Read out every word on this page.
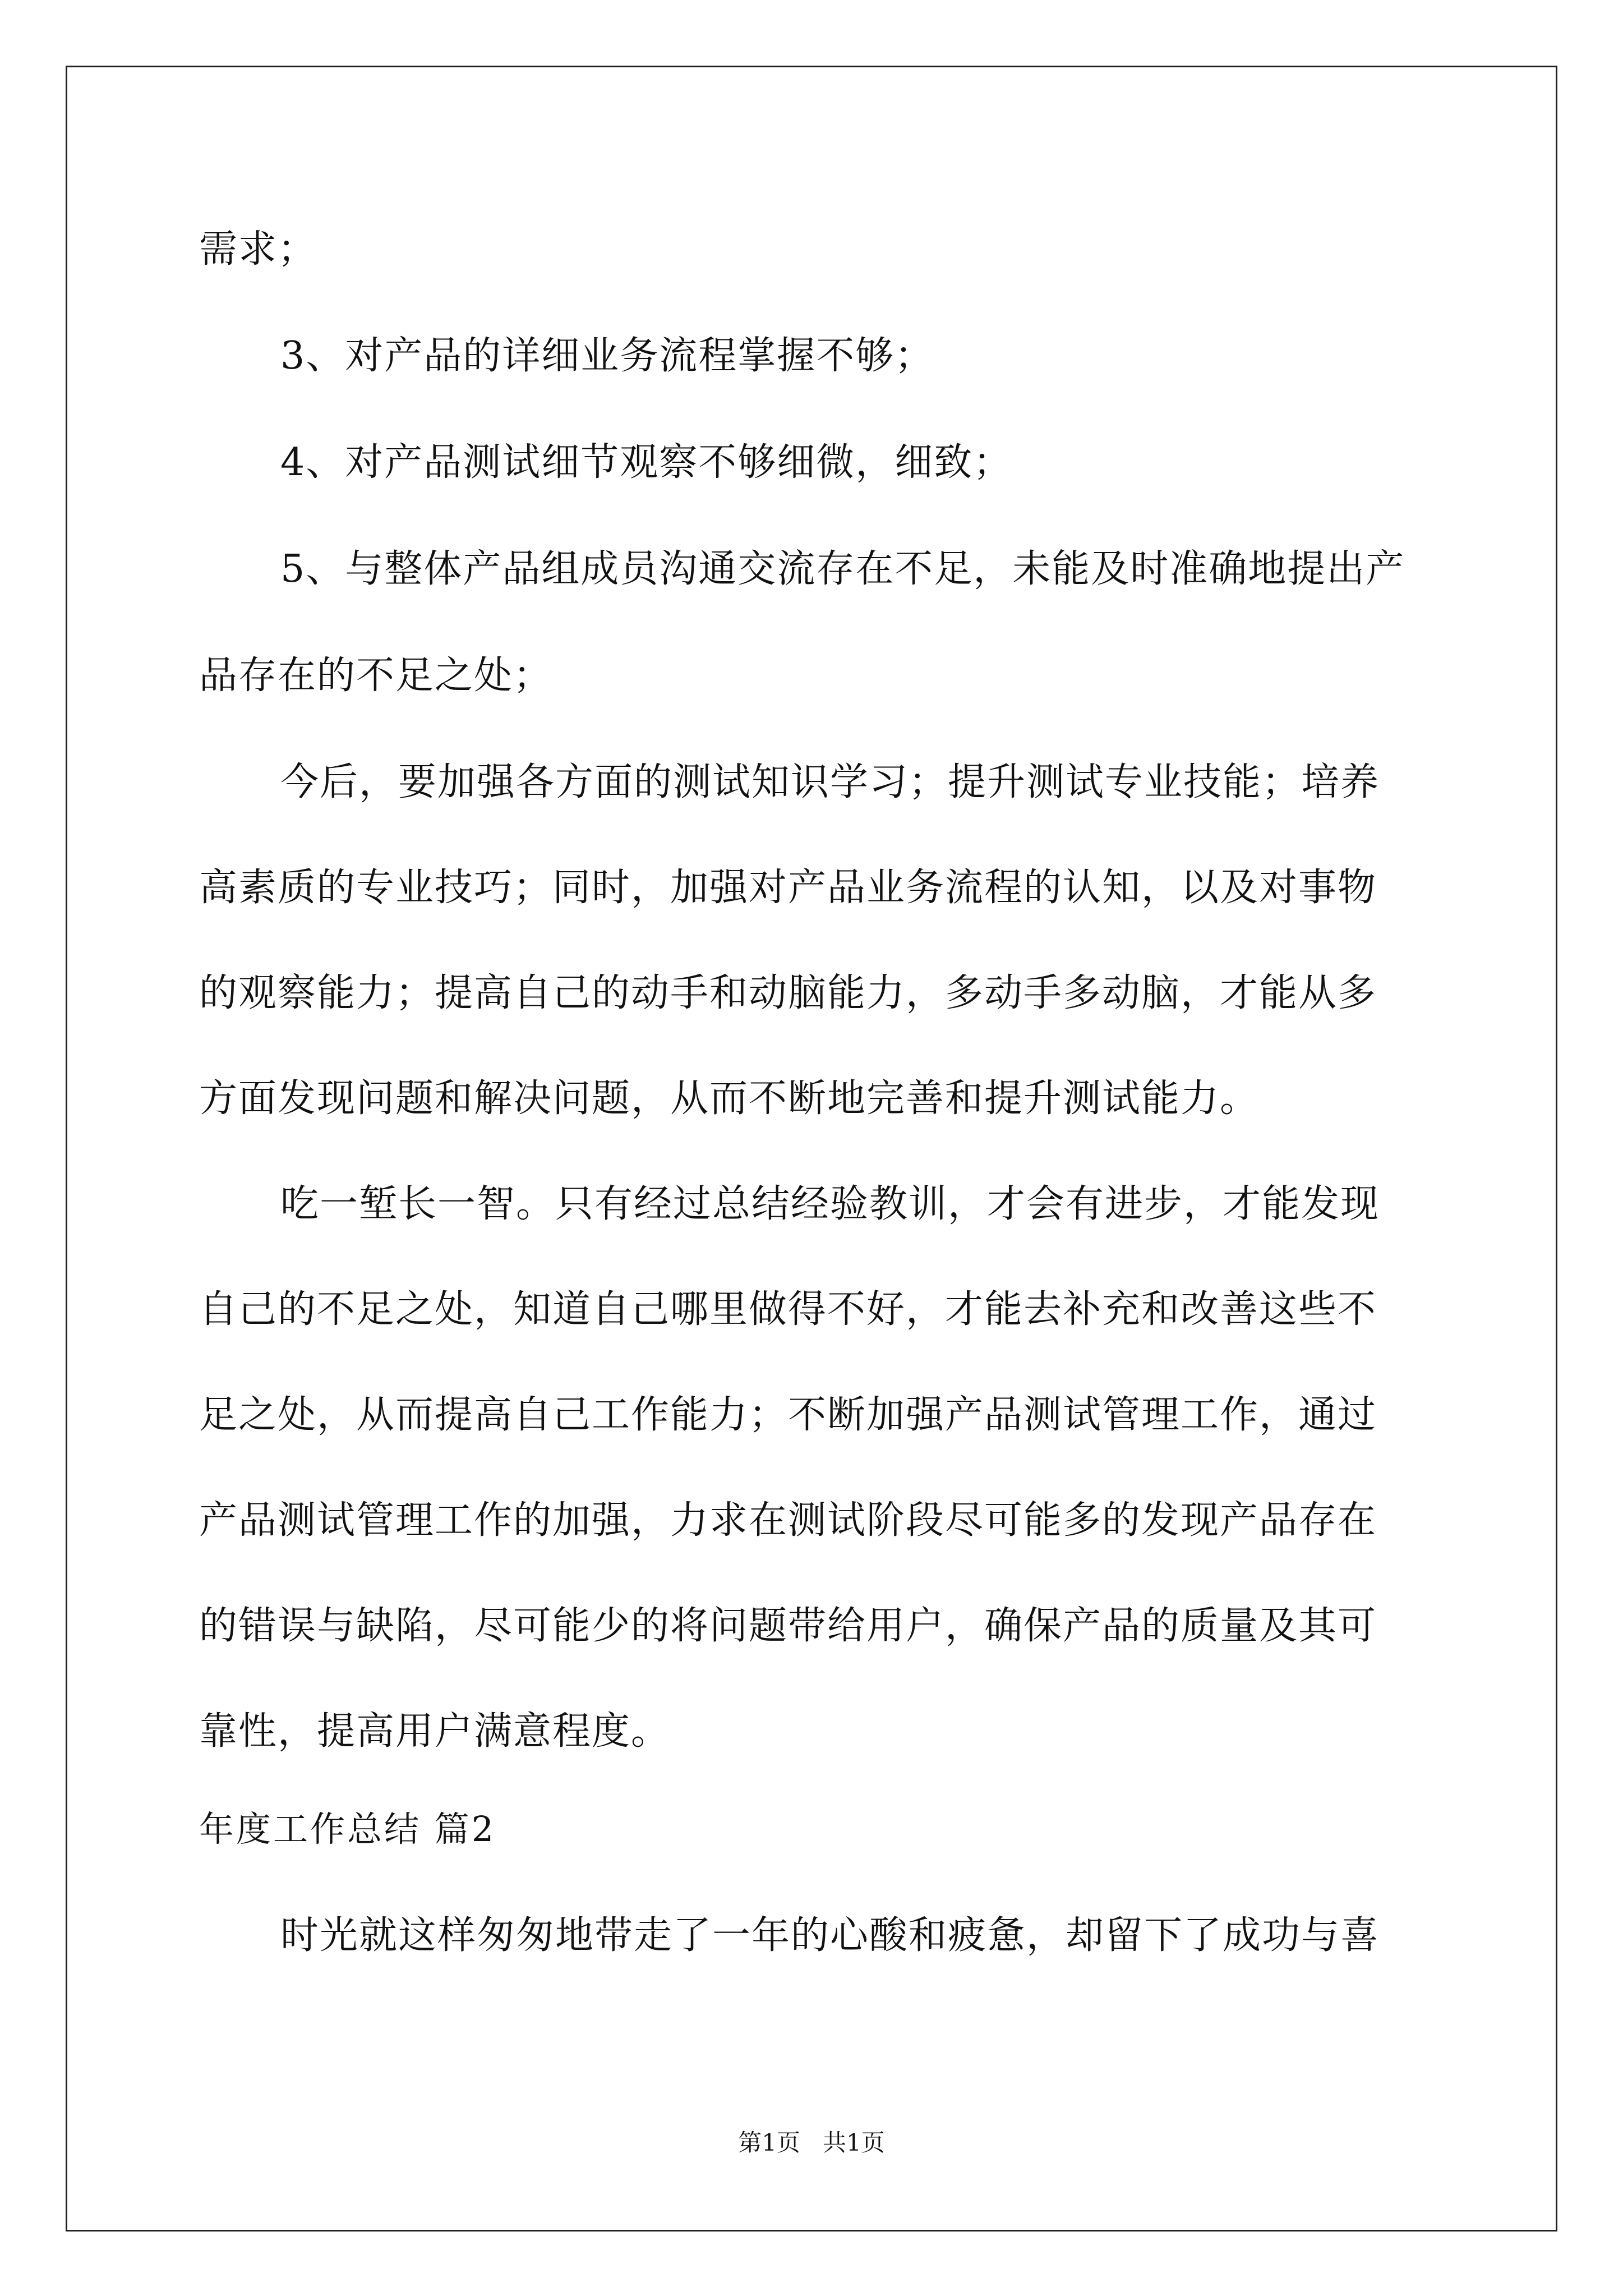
需求；
3、对产品的详细业务流程掌握不够；
4、对产品测试细节观察不够细微，细致；
5、与整体产品组成员沟通交流存在不足，未能及时准确地提出产
品存在的不足之处；
今后，要加强各方面的测试知识学习；提升测试专业技能；培养
高素质的专业技巧；同时，加强对产品业务流程的认知，以及对事物
的观察能力；提高自己的动手和动脑能力，多动手多动脑，才能从多
方面发现问题和解决问题，从而不断地完善和提升测试能力。
吃一堑长一智。只有经过总结经验教训，才会有进步，才能发现
自己的不足之处，知道自己哪里做得不好，才能去补充和改善这些不
足之处，从而提高自己工作能力；不断加强产品测试管理工作，通过
产品测试管理工作的加强，力求在测试阶段尽可能多的发现产品存在
的错误与缺陷，尽可能少的将问题带给用户，确保产品的质量及其可
靠性，提高用户满意程度。
年度工作总结 篇2
时光就这样匆匆地带走了一年的心酸和疲惫，却留下了成功与喜
第1页   共1页
